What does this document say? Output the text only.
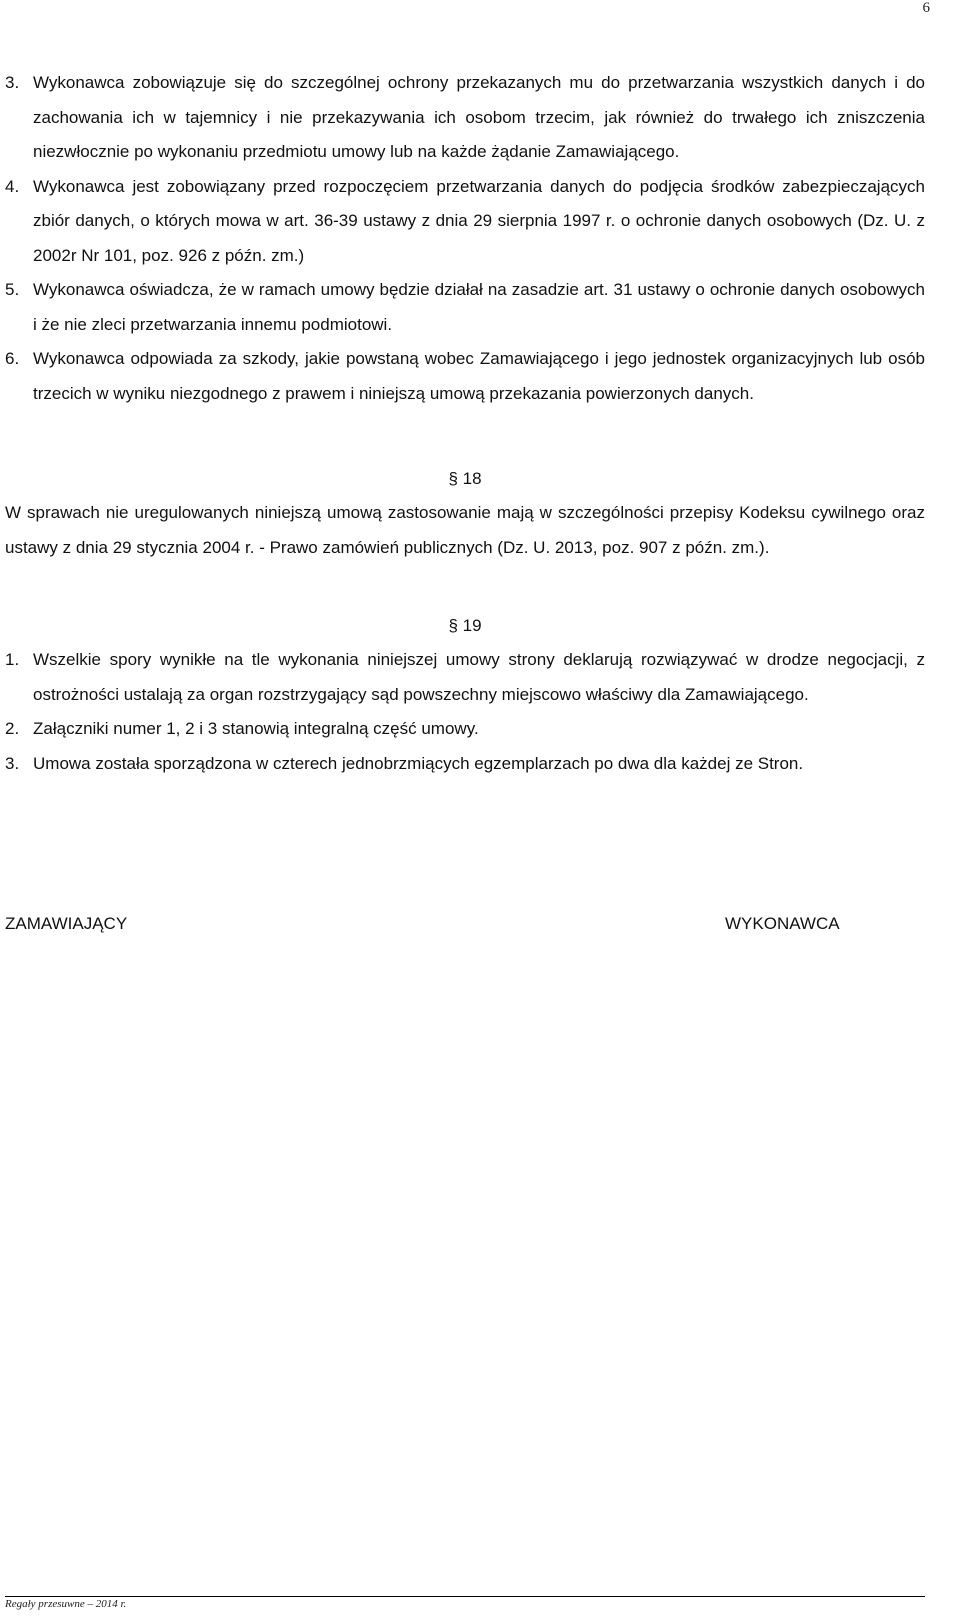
6
3. Wykonawca zobowiązuje się do szczególnej ochrony przekazanych mu do przetwarzania wszystkich danych i do zachowania ich w tajemnicy i nie przekazywania ich osobom trzecim, jak również do trwałego ich zniszczenia niezwłocznie po wykonaniu przedmiotu umowy lub na każde żądanie Zamawiającego.
4. Wykonawca jest zobowiązany przed rozpoczęciem przetwarzania danych do podjęcia środków zabezpieczających zbiór danych, o których mowa w art. 36-39 ustawy z dnia 29 sierpnia 1997 r. o ochronie danych osobowych (Dz. U. z 2002r Nr 101, poz. 926 z późn. zm.)
5. Wykonawca oświadcza, że w ramach umowy będzie działał na zasadzie art. 31 ustawy o ochronie danych osobowych i że nie zleci przetwarzania innemu podmiotowi.
6. Wykonawca odpowiada za szkody, jakie powstaną wobec Zamawiającego i jego jednostek organizacyjnych lub osób trzecich w wyniku niezgodnego z prawem i niniejszą umową przekazania powierzonych danych.
§ 18
W sprawach nie uregulowanych niniejszą umową zastosowanie mają w szczególności przepisy Kodeksu cywilnego oraz ustawy z dnia 29 stycznia 2004 r. - Prawo zamówień publicznych (Dz. U. 2013, poz. 907 z późn. zm.).
§ 19
1. Wszelkie spory wynikłe na tle wykonania niniejszej umowy strony deklarują rozwiązywać w drodze negocjacji, z ostrożności ustalają za organ rozstrzygający sąd powszechny miejscowo właściwy dla Zamawiającego.
2. Załączniki numer 1, 2 i 3 stanowią integralną część umowy.
3. Umowa została sporządzona w czterech jednobrzmiących egzemplarzach po dwa dla każdej ze Stron.
ZAMAWIAJĄCY	WYKONAWCA
Regały przesuwne – 2014 r.
